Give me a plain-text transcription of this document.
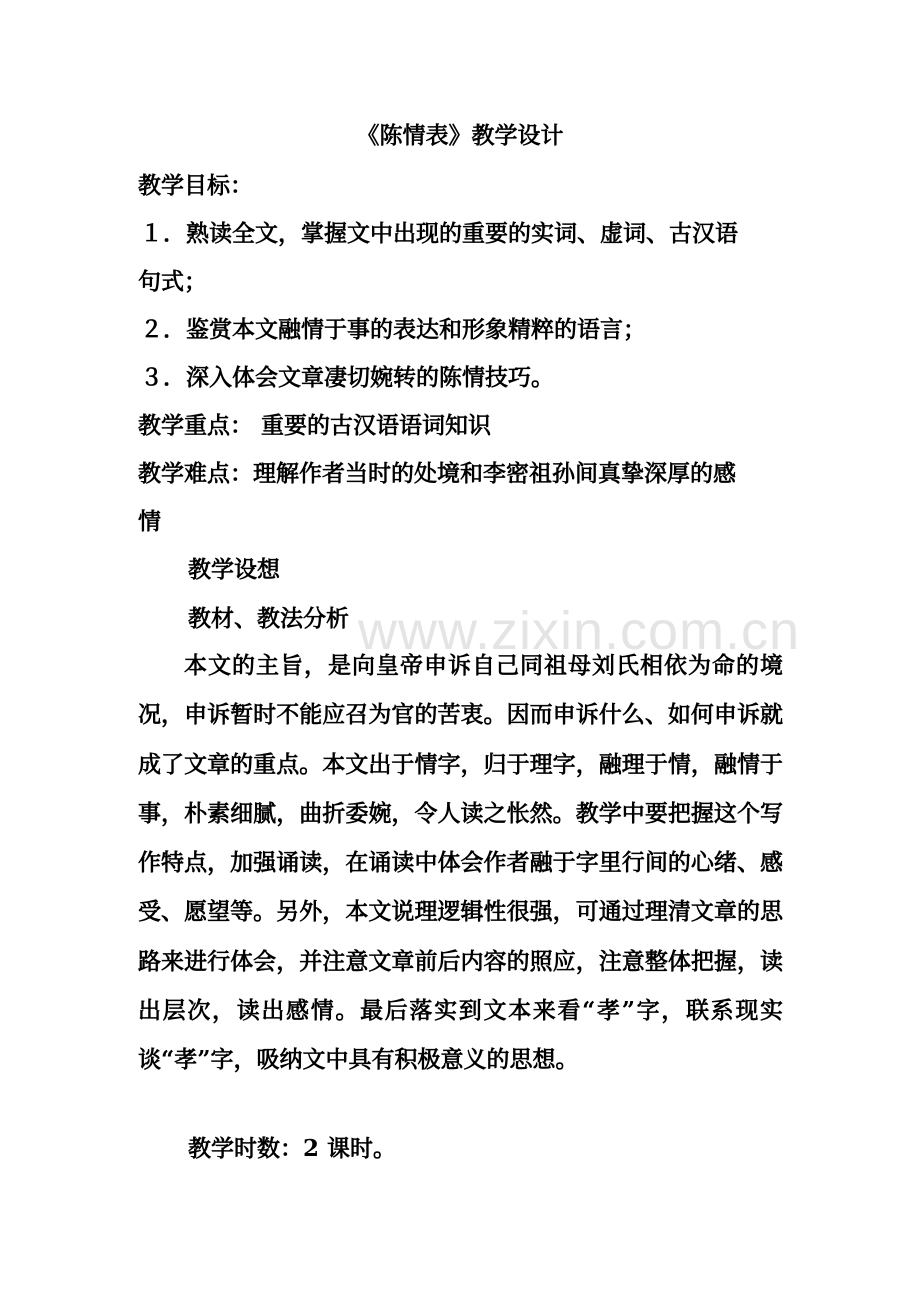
《陈情表》教学设计
教学目标：
１．熟读全文，掌握文中出现的重要的实词、虚词、古汉语
句式；
２．鉴赏本文融情于事的表达和形象精粹的语言；
３．深入体会文章凄切婉转的陈情技巧。
教学重点： 重要的古汉语语词知识
教学难点：理解作者当时的处境和李密祖孙间真挚深厚的感
情
教学设想
教材、教法分析
本文的主旨，是向皇帝申诉自己同祖母刘氏相依为命的境况，申诉暂时不能应召为官的苦衷。因而申诉什么、如何申诉就成了文章的重点。本文出于情字，归于理字，融理于情，融情于事，朴素细腻，曲折委婉，令人读之怅然。教学中要把握这个写作特点，加强诵读，在诵读中体会作者融于字里行间的心绪、感受、愿望等。另外，本文说理逻辑性很强，可通过理清文章的思路来进行体会，并注意文章前后内容的照应，注意整体把握，读出层次，读出感情。最后落实到文本来看“孝”字，联系现实谈“孝”字，吸纳文中具有积极意义的思想。
教学时数：2 课时。
www.zixin.com.cn
